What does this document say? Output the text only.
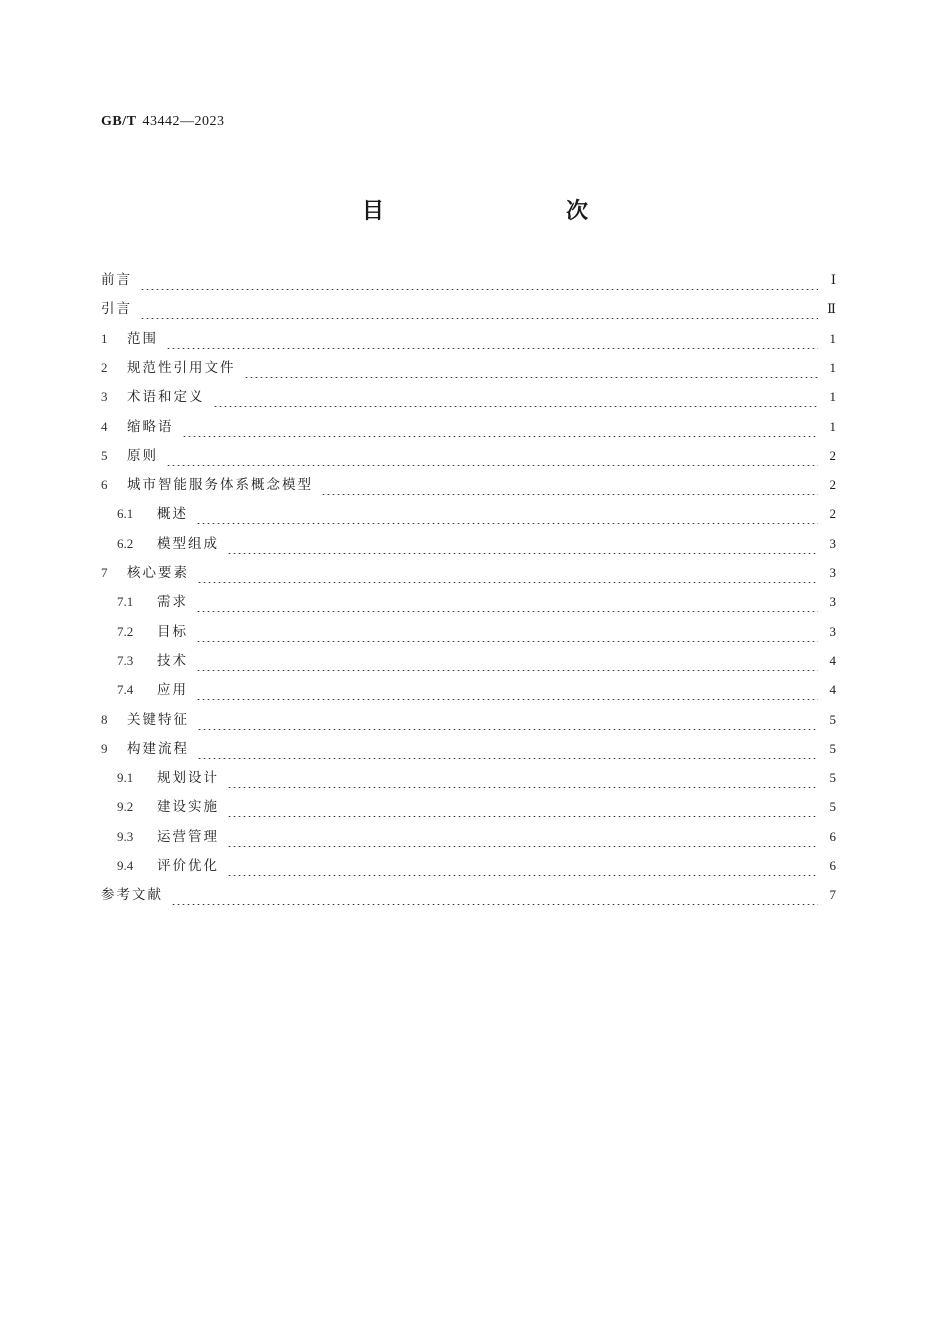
GB/T 43442—2023
目　　次
前言	Ⅰ
引言	Ⅱ
1	范围	1
2	规范性引用文件	1
3	术语和定义	1
4	缩略语	1
5	原则	2
6	城市智能服务体系概念模型	2
6.1	概述	2
6.2	模型组成	3
7	核心要素	3
7.1	需求	3
7.2	目标	3
7.3	技术	4
7.4	应用	4
8	关键特征	5
9	构建流程	5
9.1	规划设计	5
9.2	建设实施	5
9.3	运营管理	6
9.4	评价优化	6
参考文献	7
